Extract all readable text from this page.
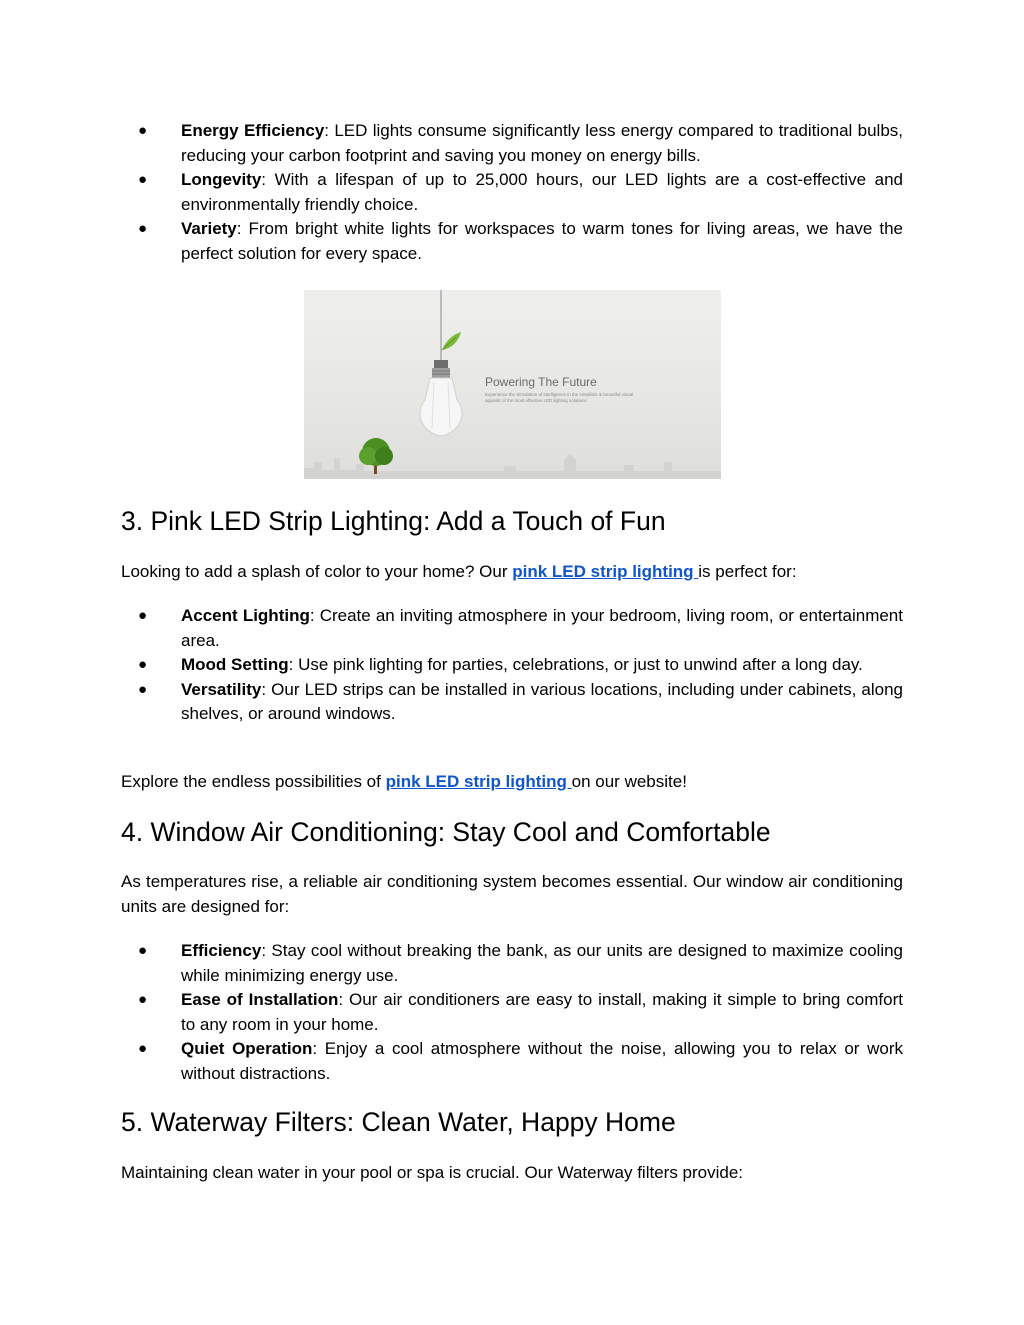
● Energy Efficiency: LED lights consume significantly less energy compared to traditional bulbs, reducing your carbon footprint and saving you money on energy bills.
● Longevity: With a lifespan of up to 25,000 hours, our LED lights are a cost-effective and environmentally friendly choice.
● Variety: From bright white lights for workspaces to warm tones for living areas, we have the perfect solution for every space.
Powering The Future
Experience the Simulation of intelligence in the simplistic & beautiful visual
appeals of the most effective LED lighting solutions
3. Pink LED Strip Lighting: Add a Touch of Fun

Looking to add a splash of color to your home? Our pink LED strip lighting is perfect for:

● Accent Lighting: Create an inviting atmosphere in your bedroom, living room, or entertainment area.
● Mood Setting: Use pink lighting for parties, celebrations, or just to unwind after a long day.
● Versatility: Our LED strips can be installed in various locations, including under cabinets, along shelves, or around windows.

Explore the endless possibilities of pink LED strip lighting on our website!

4. Window Air Conditioning: Stay Cool and Comfortable

As temperatures rise, a reliable air conditioning system becomes essential. Our window air conditioning units are designed for:

● Efficiency: Stay cool without breaking the bank, as our units are designed to maximize cooling while minimizing energy use.
● Ease of Installation: Our air conditioners are easy to install, making it simple to bring comfort to any room in your home.
● Quiet Operation: Enjoy a cool atmosphere without the noise, allowing you to relax or work without distractions.
5. Waterway Filters: Clean Water, Happy Home

Maintaining clean water in your pool or spa is crucial. Our Waterway filters provide:
